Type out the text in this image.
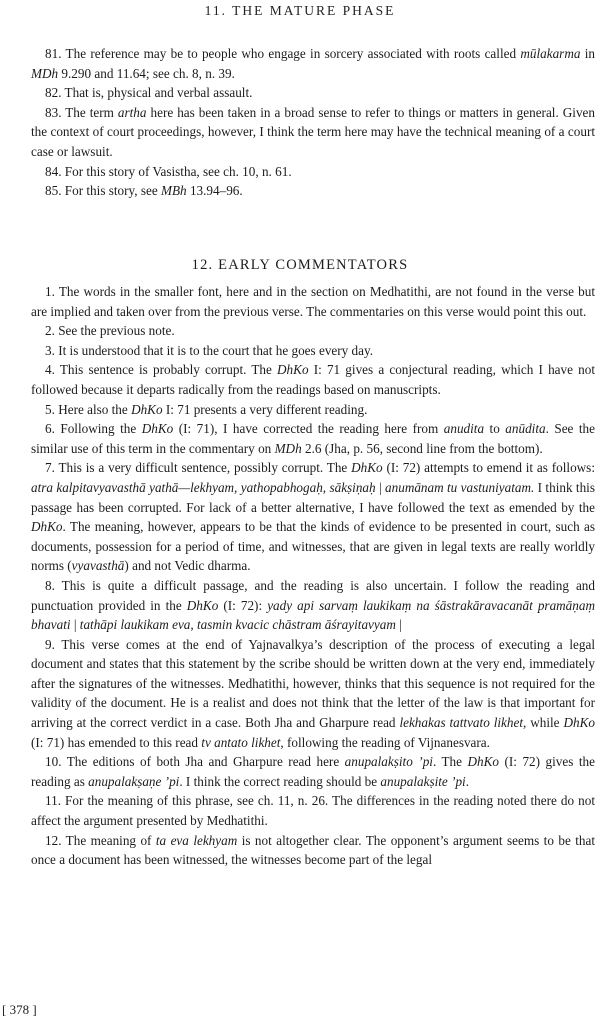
11. THE MATURE PHASE

81. The reference may be to people who engage in sorcery associated with roots called mūlakarma in MDh 9.290 and 11.64; see ch. 8, n. 39.

82. That is, physical and verbal assault.

83. The term artha here has been taken in a broad sense to refer to things or matters in general. Given the context of court proceedings, however, I think the term here may have the technical meaning of a court case or lawsuit.

84. For this story of Vasistha, see ch. 10, n. 61.

85. For this story, see MBh 13.94–96.

12. EARLY COMMENTATORS

1. The words in the smaller font, here and in the section on Medhatithi, are not found in the verse but are implied and taken over from the previous verse. The commentaries on this verse would point this out.

2. See the previous note.

3. It is understood that it is to the court that he goes every day.

4. This sentence is probably corrupt. The DhKo I: 71 gives a conjectural reading, which I have not followed because it departs radically from the readings based on manuscripts.

5. Here also the DhKo I: 71 presents a very different reading.

6. Following the DhKo (I: 71), I have corrected the reading here from anudita to anūdita. See the similar use of this term in the commentary on MDh 2.6 (Jha, p. 56, second line from the bottom).

7. This is a very difficult sentence, possibly corrupt. The DhKo (I: 72) attempts to emend it as follows: atra kalpitavyavasthā yathā—lekhyam, yathopabhogaḥ, sākṣiṇaḥ | anumānam tu vastuniyatam. I think this passage has been corrupted. For lack of a better alternative, I have followed the text as emended by the DhKo. The meaning, however, appears to be that the kinds of evidence to be presented in court, such as documents, possession for a period of time, and witnesses, that are given in legal texts are really worldly norms (vyavasthā) and not Vedic dharma.

8. This is quite a difficult passage, and the reading is also uncertain. I follow the reading and punctuation provided in the DhKo (I: 72): yady api sarvaṃ laukikaṃ na śāstrakāravacanāt pramāṇaṃ bhavati | tathāpi laukikam eva, tasmin kvacic chāstram āśrayitavyam |

9. This verse comes at the end of Yajnavalkya’s description of the process of executing a legal document and states that this statement by the scribe should be written down at the very end, immediately after the signatures of the witnesses. Medhatithi, however, thinks that this sequence is not required for the validity of the document. He is a realist and does not think that the letter of the law is that important for arriving at the correct verdict in a case. Both Jha and Gharpure read lekhakas tattvato likhet, while DhKo (I: 71) has emended to this read tv antato likhet, following the reading of Vijnanesvara.

10. The editions of both Jha and Gharpure read here anupalakṣito ’pi. The DhKo (I: 72) gives the reading as anupalakṣaṇe ’pi. I think the correct reading should be anupalakṣite ’pi.

11. For the meaning of this phrase, see ch. 11, n. 26. The differences in the reading noted there do not affect the argument presented by Medhatithi.

12. The meaning of ta eva lekhyam is not altogether clear. The opponent’s argument seems to be that once a document has been witnessed, the witnesses become part of the legal

[ 378 ]
